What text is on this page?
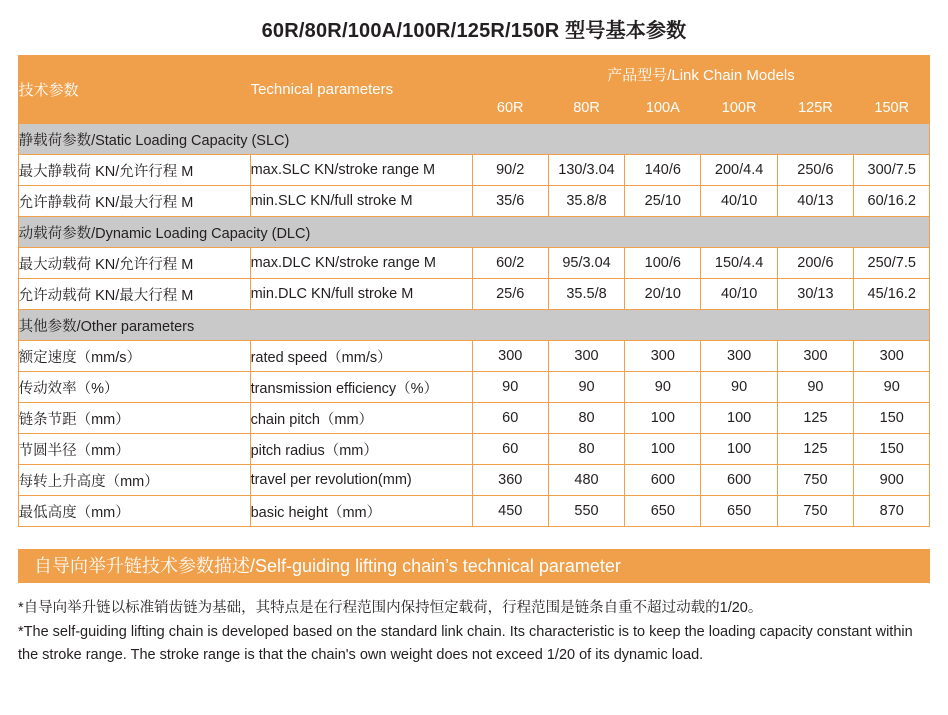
60R/80R/100A/100R/125R/150R 型号基本参数
技术参数	Technical parameters	产品型号/Link Chain Models					
		60R	80R	100A	100R	125R	150R
静载荷参数/Static Loading Capacity (SLC)							
最大静载荷 KN/允许行程 M	max.SLC KN/stroke range M	90/2	130/3.04	140/6	200/4.4	250/6	300/7.5
允许静载荷 KN/最大行程 M	min.SLC KN/full stroke M	35/6	35.8/8	25/10	40/10	40/13	60/16.2
动载荷参数/Dynamic Loading Capacity (DLC)							
最大动载荷 KN/允许行程 M	max.DLC KN/stroke range M	60/2	95/3.04	100/6	150/4.4	200/6	250/7.5
允许动载荷 KN/最大行程 M	min.DLC KN/full stroke M	25/6	35.5/8	20/10	40/10	30/13	45/16.2
其他参数/Other parameters							
额定速度（mm/s）	rated speed（mm/s）	300	300	300	300	300	300
传动效率（%）	transmission efficiency（%）	90	90	90	90	90	90
链条节距（mm）	chain pitch（mm）	60	80	100	100	125	150
节圆半径（mm）	pitch radius（mm）	60	80	100	100	125	150
每转上升高度（mm）	travel per revolution(mm)	360	480	600	600	750	900
最低高度（mm）	basic height（mm）	450	550	650	650	750	870
自导向举升链技术参数描述/Self-guiding lifting chain’s technical parameter

*自导向举升链以标准销齿链为基础，其特点是在行程范围内保持恒定载荷，行程范围是链条自重不超过动载的1/20。

*The self-guiding lifting chain is developed based on the standard link chain. Its characteristic is to keep the loading capacity constant within the stroke range. The stroke range is that the chain's own weight does not exceed 1/20 of its dynamic load.
